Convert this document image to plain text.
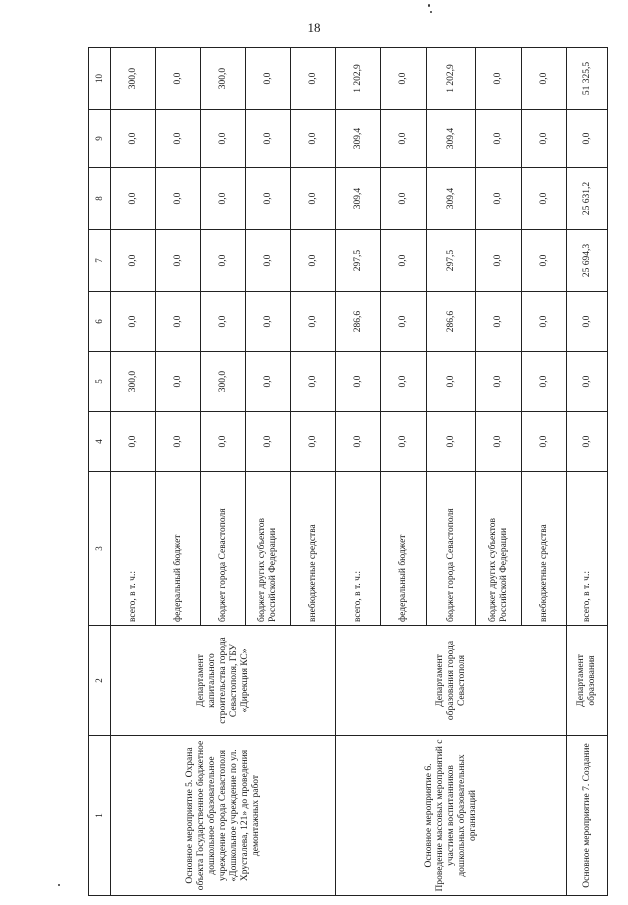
18
1	2	3	4	5	6	7	8	9	10
Основное мероприятие 5. Охрана объекта Государственное бюджетное дошкольное образовательное учреждение города Севастополя «Дошкольное учреждение по ул. Хрусталева, 121» до проведения демонтажных работ	Департамент капитального строительства города Севастополя, ГБУ «Дирекция КС»	всего, в т. ч.:	0,0	300,0	0,0	0,0	0,0	0,0	300,0
		федеральный бюджет	0,0	0,0	0,0	0,0	0,0	0,0	0,0
		бюджет города Севастополя	0,0	300,0	0,0	0,0	0,0	0,0	300,0
		бюджет других субъектов Российской Федерации	0,0	0,0	0,0	0,0	0,0	0,0	0,0
		внебюджетные средства	0,0	0,0	0,0	0,0	0,0	0,0	0,0
Основное мероприятие 6. Проведение массовых мероприятий с участием воспитанников дошкольных образовательных организаций	Департамент образования города Севастополя	всего, в т. ч.:	0,0	0,0	286,6	297,5	309,4	309,4	1 202,9
		федеральный бюджет	0,0	0,0	0,0	0,0	0,0	0,0	0,0
		бюджет города Севастополя	0,0	0,0	286,6	297,5	309,4	309,4	1 202,9
		бюджет других субъектов Российской Федерации	0,0	0,0	0,0	0,0	0,0	0,0	0,0
		внебюджетные средства	0,0	0,0	0,0	0,0	0,0	0,0	0,0
Основное мероприятие 7. Создание	Департамент образования	всего, в т. ч.:	0,0	0,0	0,0	25 694,3	25 631,2	0,0	51 325,5
